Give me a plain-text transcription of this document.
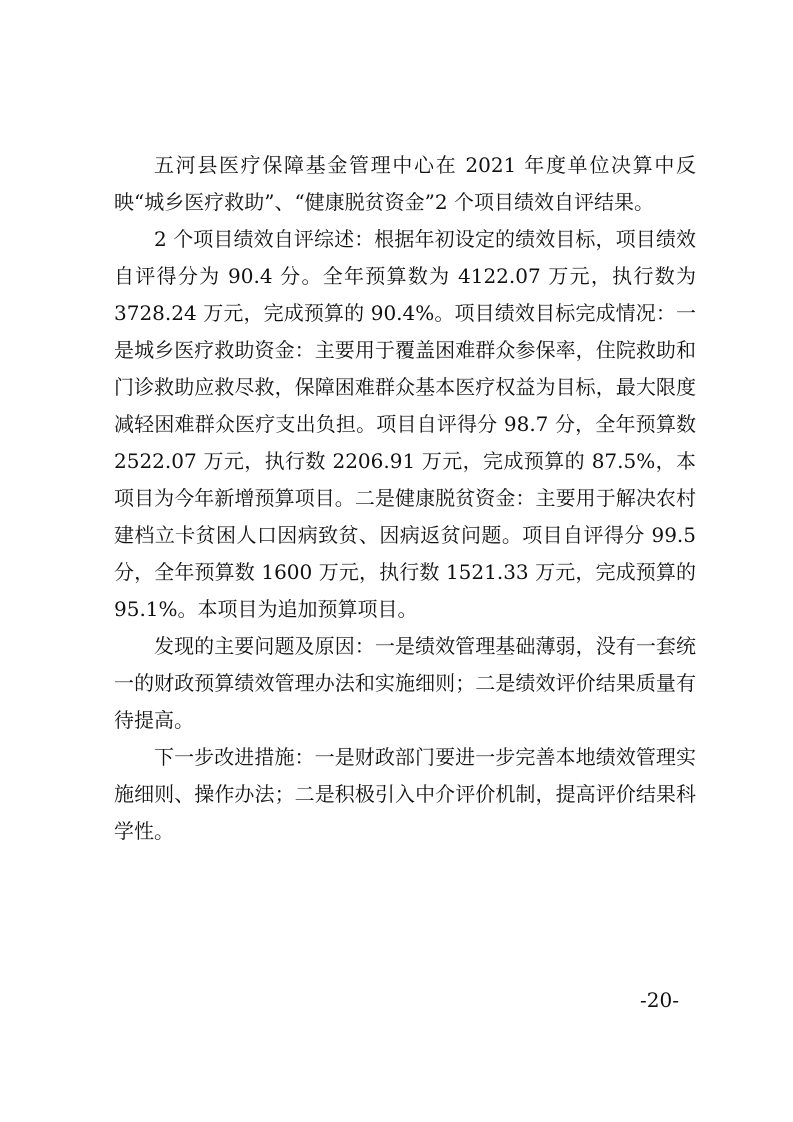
五河县医疗保障基金管理中心在 2021 年度单位决算中反映“城乡医疗救助”、“健康脱贫资金”2 个项目绩效自评结果。

2 个项目绩效自评综述：根据年初设定的绩效目标，项目绩效自评得分为 90.4 分。全年预算数为 4122.07 万元，执行数为 3728.24 万元，完成预算的 90.4%。项目绩效目标完成情况：一是城乡医疗救助资金：主要用于覆盖困难群众参保率，住院救助和门诊救助应救尽救，保障困难群众基本医疗权益为目标，最大限度减轻困难群众医疗支出负担。项目自评得分 98.7 分，全年预算数 2522.07 万元，执行数 2206.91 万元，完成预算的 87.5%，本项目为今年新增预算项目。二是健康脱贫资金：主要用于解决农村建档立卡贫困人口因病致贫、因病返贫问题。项目自评得分 99.5 分，全年预算数 1600 万元，执行数 1521.33 万元，完成预算的 95.1%。本项目为追加预算项目。

发现的主要问题及原因：一是绩效管理基础薄弱，没有一套统一的财政预算绩效管理办法和实施细则；二是绩效评价结果质量有待提高。

下一步改进措施：一是财政部门要进一步完善本地绩效管理实施细则、操作办法；二是积极引入中介评价机制，提高评价结果科学性。

-20-
